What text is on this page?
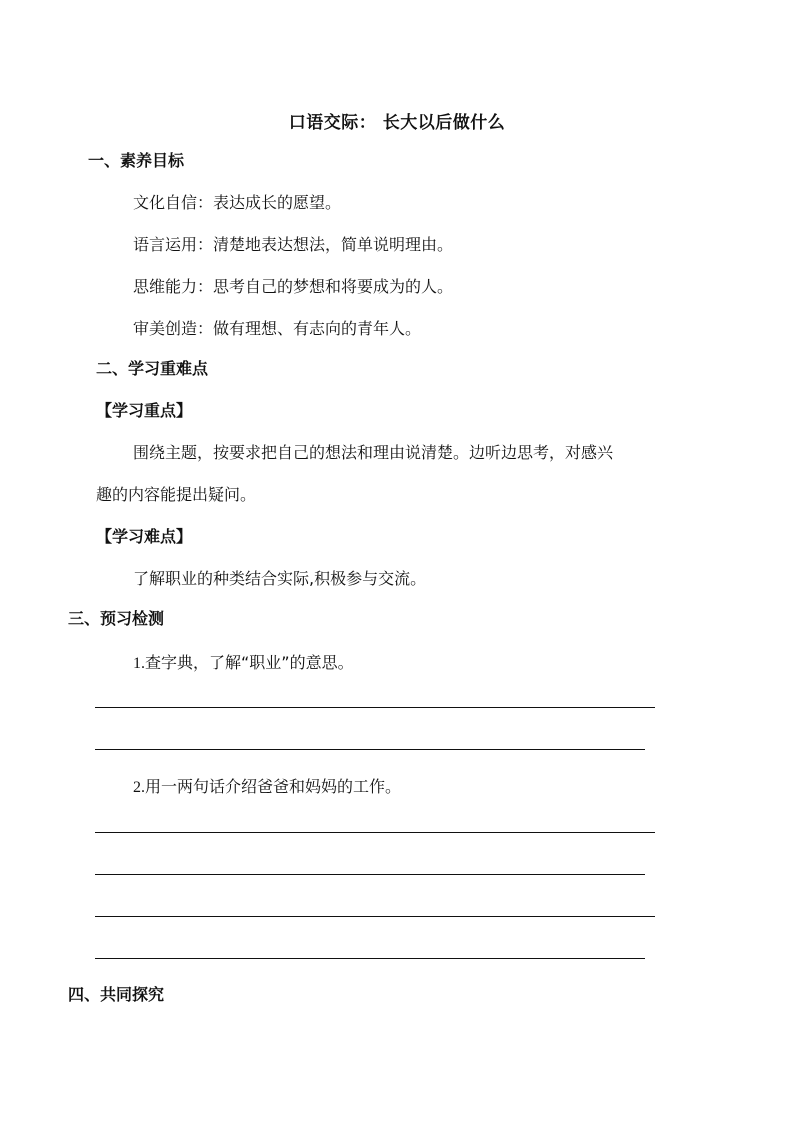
口语交际： 长大以后做什么
一、素养目标
文化自信：表达成长的愿望。
语言运用：清楚地表达想法，简单说明理由。
思维能力：思考自己的梦想和将要成为的人。
审美创造：做有理想、有志向的青年人。
二、学习重难点
【学习重点】
围绕主题，按要求把自己的想法和理由说清楚。边听边思考，对感兴
趣的内容能提出疑问。
【学习难点】
了解职业的种类结合实际,积极参与交流。
三、预习检测
1.查字典，了解“职业”的意思。
2.用一两句话介绍爸爸和妈妈的工作。
四、共同探究
